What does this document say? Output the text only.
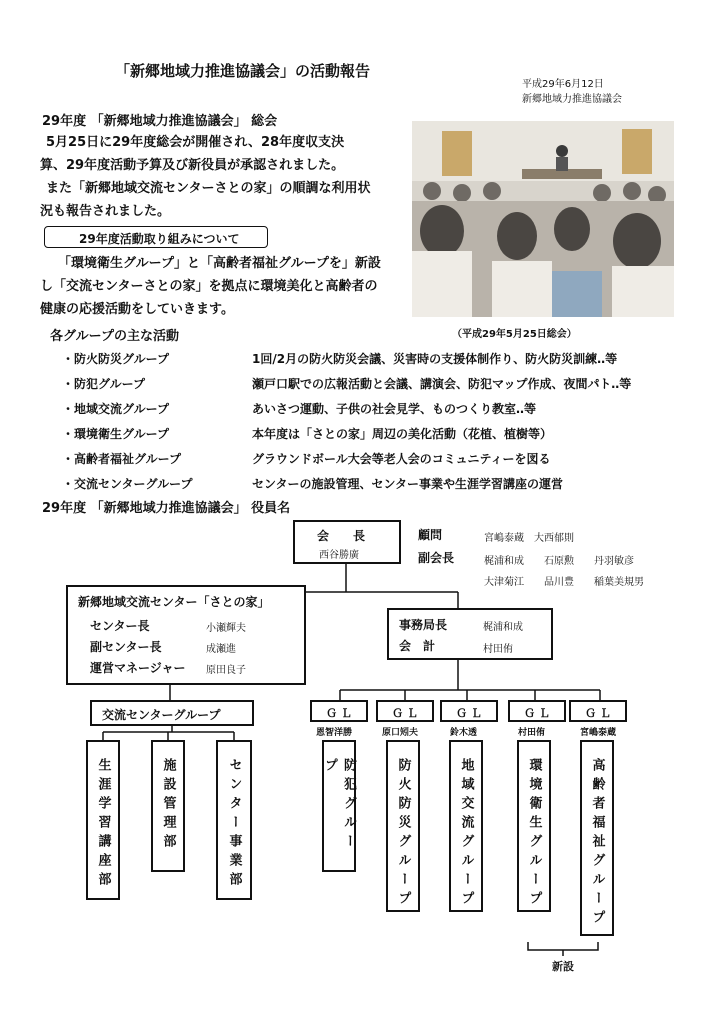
「新郷地域力推進協議会」の活動報告
平成29年6月12日
新郷地域力推進協議会
29年度 「新郷地域力推進協議会」 総会
5月25日に29年度総会が開催され、28年度収支決
算、29年度活動予算及び新役員が承認されました。
また「新郷地域交流センターさとの家」の順調な利用状
況も報告されました。
29年度活動取り組みについて
「環境衛生グループ」と「高齢者福祉グループを」新設
し「交流センターさとの家」を拠点に環境美化と高齢者の
健康の応援活動をしていきます。
（平成29年5月25日総会）
各グループの主な活動
・防火防災グループ	1回/2月の防火防災会議、災害時の支援体制作り、防火防災訓練‥等
・防犯グループ	瀬戸口駅での広報活動と会議、講演会、防犯マップ作成、夜間パト‥等
・地域交流グループ	あいさつ運動、子供の社会見学、ものつくり教室‥等
・環境衛生グループ	本年度は「さとの家」周辺の美化活動（花植、植樹等）
・高齢者福祉グループ	グラウンドボール大会等老人会のコミュニティーを図る
・交流センターグループ	センターの施設管理、センター事業や生涯学習講座の運営
29年度 「新郷地域力推進協議会」 役員名
会　　長
西谷勝廣
顧問	宮嶋泰蔵　大西郁則
副会長	梶浦和成　　石原勲　　丹羽敏彦
大津菊江　　品川豊　　稲葉美規男
新郷地域交流センター「さとの家」
センター長	小瀬輝夫
副センター長	成瀬進
運営マネージャー 原田良子
事務局長	梶浦和成
会　計	村田侑
交流センターグループ
生涯学習講座部	施設管理部	センター事業部
Ｇ Ｌ
恩智洋勝
防犯グループ
Ｇ Ｌ
原口矧夫
防火防災グループ
Ｇ Ｌ
鈴木透
地域交流グループ
Ｇ Ｌ
村田侑
環境衛生グループ
Ｇ Ｌ
宮嶋泰蔵
高齢者福祉グループ
新設
